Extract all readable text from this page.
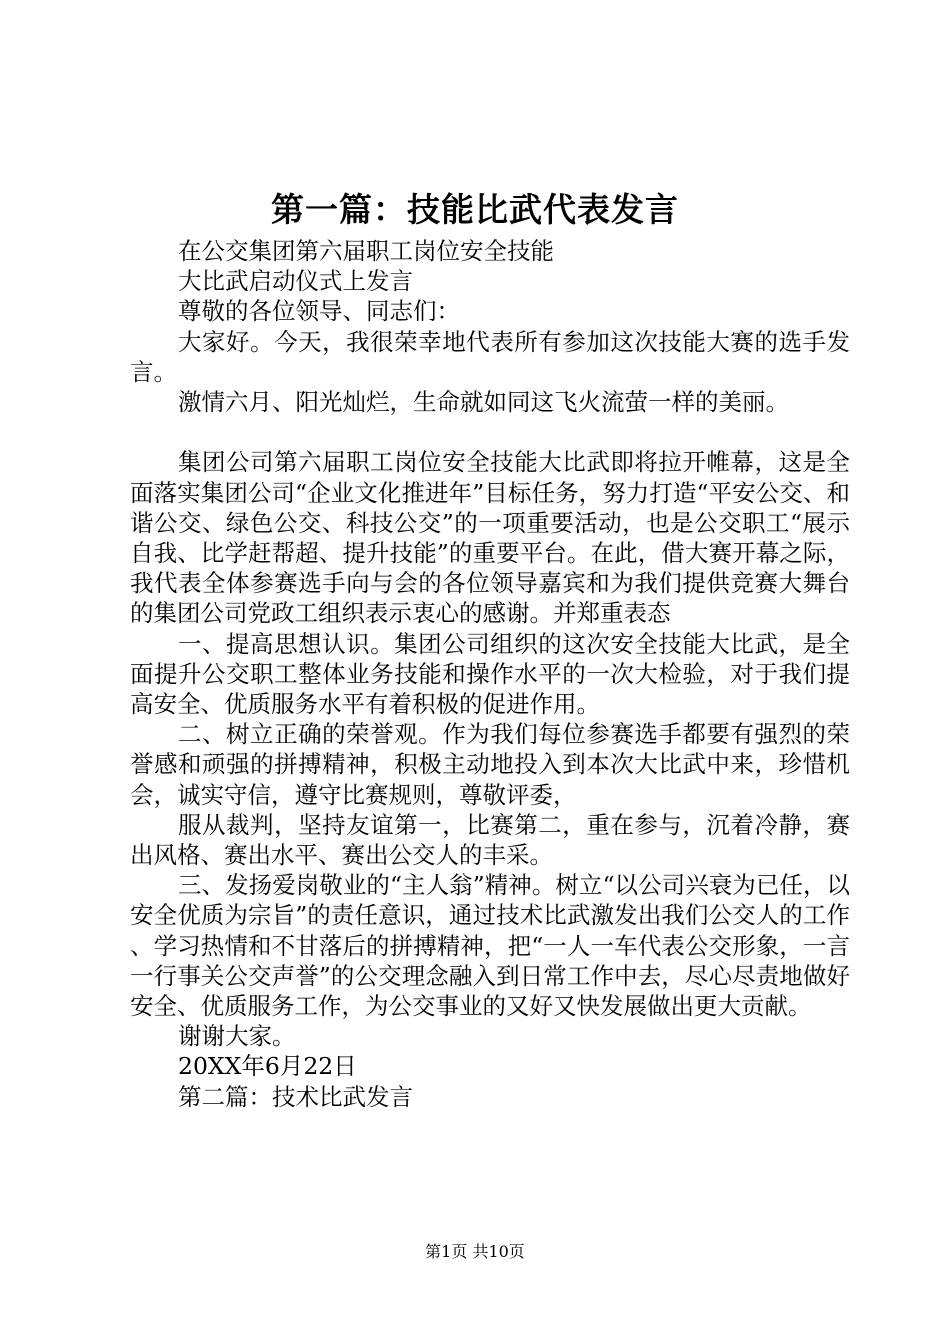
第一篇：技能比武代表发言

在公交集团第六届职工岗位安全技能

大比武启动仪式上发言

尊敬的各位领导、同志们：

大家好。今天，我很荣幸地代表所有参加这次技能大赛的选手发言。

激情六月、阳光灿烂，生命就如同这飞火流萤一样的美丽。

集团公司第六届职工岗位安全技能大比武即将拉开帷幕，这是全面落实集团公司“企业文化推进年”目标任务，努力打造“平安公交、和谐公交、绿色公交、科技公交”的一项重要活动，也是公交职工“展示自我、比学赶帮超、提升技能”的重要平台。在此，借大赛开幕之际，我代表全体参赛选手向与会的各位领导嘉宾和为我们提供竞赛大舞台的集团公司党政工组织表示衷心的感谢。并郑重表态

一、提高思想认识。集团公司组织的这次安全技能大比武，是全面提升公交职工整体业务技能和操作水平的一次大检验，对于我们提高安全、优质服务水平有着积极的促进作用。

二、树立正确的荣誉观。作为我们每位参赛选手都要有强烈的荣誉感和顽强的拼搏精神，积极主动地投入到本次大比武中来，珍惜机会，诚实守信，遵守比赛规则，尊敬评委，

服从裁判，坚持友谊第一，比赛第二，重在参与，沉着冷静，赛出风格、赛出水平、赛出公交人的丰采。

三、发扬爱岗敬业的“主人翁”精神。树立“以公司兴衰为已任，以安全优质为宗旨”的责任意识，通过技术比武激发出我们公交人的工作、学习热情和不甘落后的拼搏精神，把“一人一车代表公交形象，一言一行事关公交声誉”的公交理念融入到日常工作中去，尽心尽责地做好安全、优质服务工作，为公交事业的又好又快发展做出更大贡献。

谢谢大家。

20XX年6月22日

第二篇：技术比武发言

第1页 共10页
